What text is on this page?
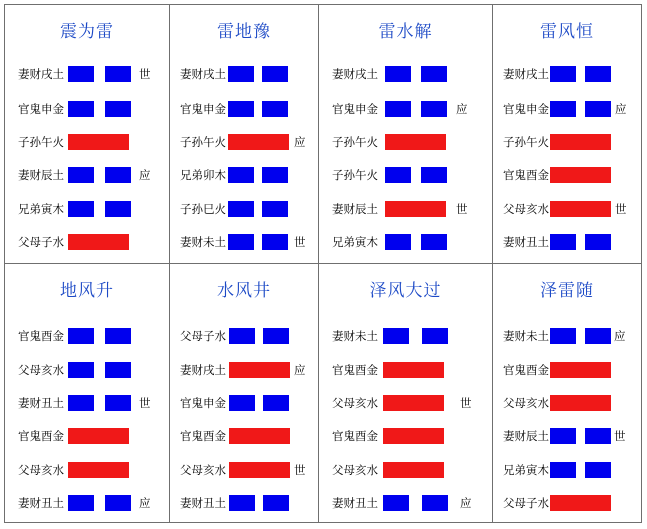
震为雷
妻财戌土	世
官鬼申金
子孙午火
妻财辰土	应
兄弟寅木
父母子水
雷地豫
妻财戌土
官鬼申金
子孙午火	应
兄弟卯木
子孙巳火
妻财未土	世
雷水解
妻财戌土
官鬼申金	应
子孙午火
子孙午火
妻财辰土	世
兄弟寅木
雷风恒
妻财戌土
官鬼申金	应
子孙午火
官鬼酉金
父母亥水	世
妻财丑土
地风升
官鬼酉金
父母亥水
妻财丑土	世
官鬼酉金
父母亥水
妻财丑土	应
水风井
父母子水
妻财戌土	应
官鬼申金
官鬼酉金
父母亥水	世
妻财丑土
泽风大过
妻财未土
官鬼酉金
父母亥水	世
官鬼酉金
父母亥水
妻财丑土	应
泽雷随
妻财未土	应
官鬼酉金
父母亥水
妻财辰土	世
兄弟寅木
父母子水
